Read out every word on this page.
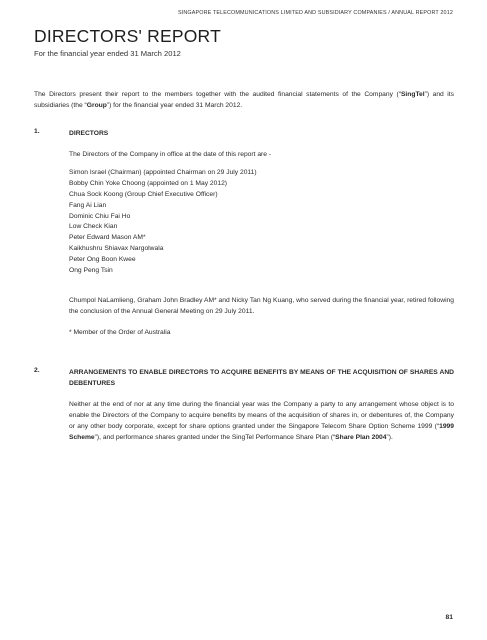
SINGAPORE TELECOMMUNICATIONS LIMITED AND SUBSIDIARY COMPANIES / ANNUAL REPORT 2012
DIRECTORS' REPORT

For the financial year ended 31 March 2012

The Directors present their report to the members together with the audited financial statements of the Company (“SingTel”) and its subsidiaries (the “Group”) for the financial year ended 31 March 2012.

1.	DIRECTORS

The Directors of the Company in office at the date of this report are -

Simon Israel (Chairman) (appointed Chairman on 29 July 2011)
Bobby Chin Yoke Choong (appointed on 1 May 2012)
Chua Sock Koong (Group Chief Executive Officer)
Fang Ai Lian
Dominic Chiu Fai Ho
Low Check Kian
Peter Edward Mason AM*
Kaikhushru Shiavax Nargolwala
Peter Ong Boon Kwee
Ong Peng Tsin

Chumpol NaLamlieng, Graham John Bradley AM* and Nicky Tan Ng Kuang, who served during the financial year, retired following the conclusion of the Annual General Meeting on 29 July 2011.

* Member of the Order of Australia

2.	ARRANGEMENTS TO ENABLE DIRECTORS TO ACQUIRE BENEFITS BY MEANS OF THE ACQUISITION OF SHARES AND DEBENTURES

Neither at the end of nor at any time during the financial year was the Company a party to any arrangement whose object is to enable the Directors of the Company to acquire benefits by means of the acquisition of shares in, or debentures of, the Company or any other body corporate, except for share options granted under the Singapore Telecom Share Option Scheme 1999 (“1999 Scheme”), and performance shares granted under the SingTel Performance Share Plan (“Share Plan 2004”).

81
